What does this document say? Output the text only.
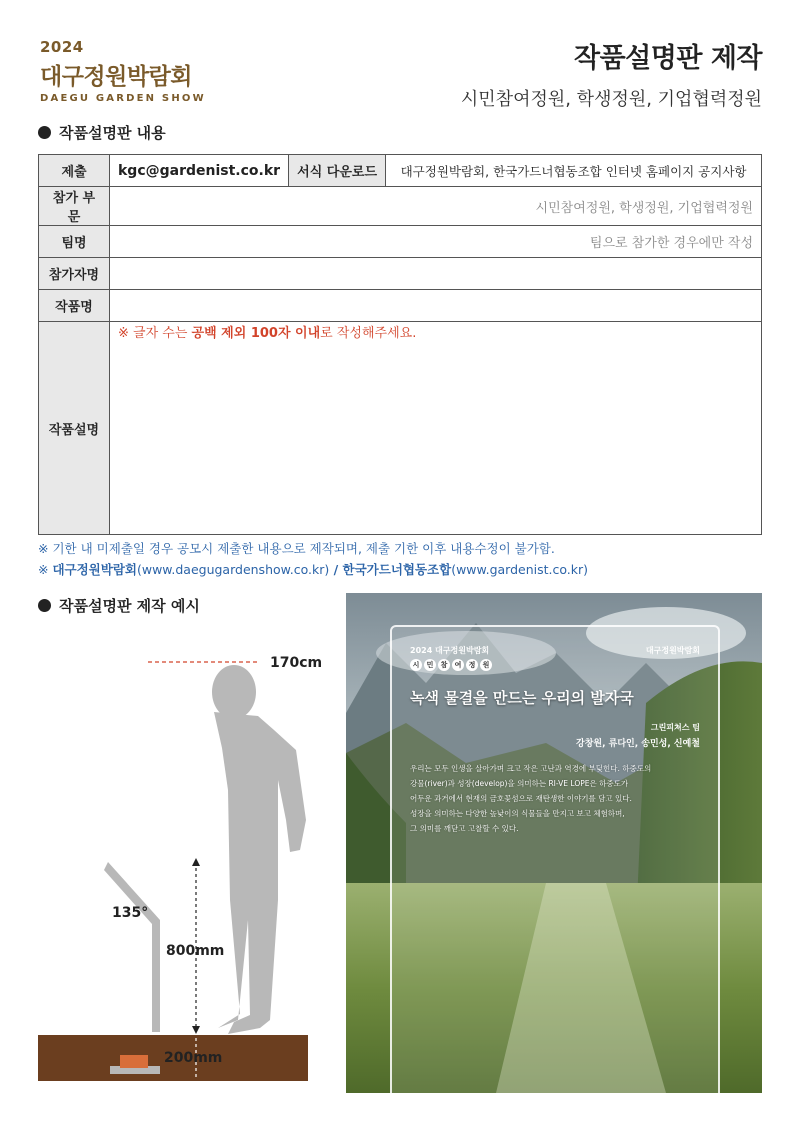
2024
대구정원박람회
DAEGU GARDEN SHOW
작품설명판 제작
시민참여정원, 학생정원, 기업협력정원
작품설명판 내용
제출	kgc@gardenist.co.kr	서식 다운로드	대구정원박람회, 한국가드너협동조합 인터넷 홈페이지 공지사항
참가 부문	시민참여정원, 학생정원, 기업협력정원		
팀명	팀으로 참가한 경우에만 작성		
참가자명			
작품명			
작품설명	※ 글자 수는 공백 제외 100자 이내로 작성해주세요.		
※ 기한 내 미제출일 경우 공모시 제출한 내용으로 제작되며, 제출 기한 이후 내용수정이 불가함.
※ 대구정원박람회(www.daegugardenshow.co.kr) / 한국가드너협동조합(www.gardenist.co.kr)
작품설명판 제작 예시
170cm
135°
800mm
200mm
2024 대구정원박람회
시	민	참	여	정	원
대구정원박람회
녹색 물결을 만드는 우리의 발자국
그린피쳐스 팀
강창원, 류다인, 송민성, 신예철
우리는 모두 인생을 살아가며 크고 작은 고난과 역경에 부딪힌다. 하중도의
강물(river)과 성장(develop)을 의미하는 RI-VE LOPE은 하중도가
어두운 과거에서 현재의 금호꽃섬으로 재탄생한 이야기를 담고 있다.
성장을 의미하는 다양한 높낮이의 식물들을 만지고 보고 체험하며,
그 의미를 깨닫고 고찰할 수 있다.
